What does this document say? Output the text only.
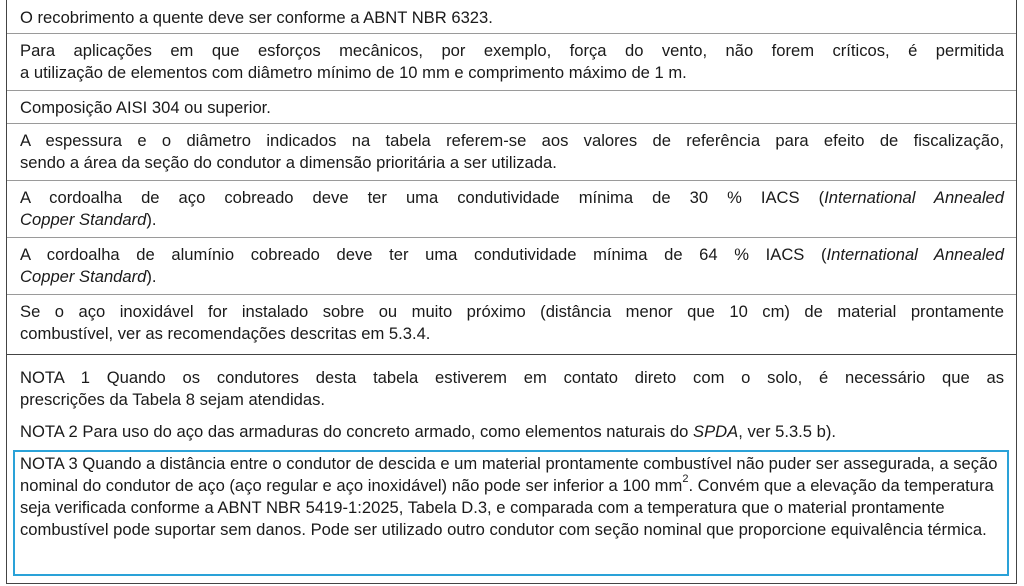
O recobrimento a quente deve ser conforme a ABNT NBR 6323.
Para aplicações em que esforços mecânicos, por exemplo, força do vento, não forem críticos, é permitida
a utilização de elementos com diâmetro mínimo de 10 mm e comprimento máximo de 1 m.
Composição AISI 304 ou superior.
A espessura e o diâmetro indicados na tabela referem-se aos valores de referência para efeito de fiscalização,
sendo a área da seção do condutor a dimensão prioritária a ser utilizada.
A cordoalha de aço cobreado deve ter uma condutividade mínima de 30 % IACS (International Annealed
Copper Standard).
A cordoalha de alumínio cobreado deve ter uma condutividade mínima de 64 % IACS (International Annealed
Copper Standard).
Se o aço inoxidável for instalado sobre ou muito próximo (distância menor que 10 cm) de material prontamente
combustível, ver as recomendações descritas em 5.3.4.
NOTA 1 Quando os condutores desta tabela estiverem em contato direto com o solo, é necessário que as
prescrições da Tabela 8 sejam atendidas.
NOTA 2 Para uso do aço das armaduras do concreto armado, como elementos naturais do SPDA, ver 5.3.5 b).
NOTA 3 Quando a distância entre o condutor de descida e um material prontamente combustível não puder ser assegurada, a seção nominal do condutor de aço (aço regular e aço inoxidável) não pode ser inferior a 100 $mm^2$. Convém que a elevação da temperatura seja verificada conforme a ABNT NBR 5419-1:2025, Tabela D.3, e comparada com a temperatura que o material prontamente combustível pode suportar sem danos. Pode ser utilizado outro condutor com seção nominal que proporcione equivalência térmica.
